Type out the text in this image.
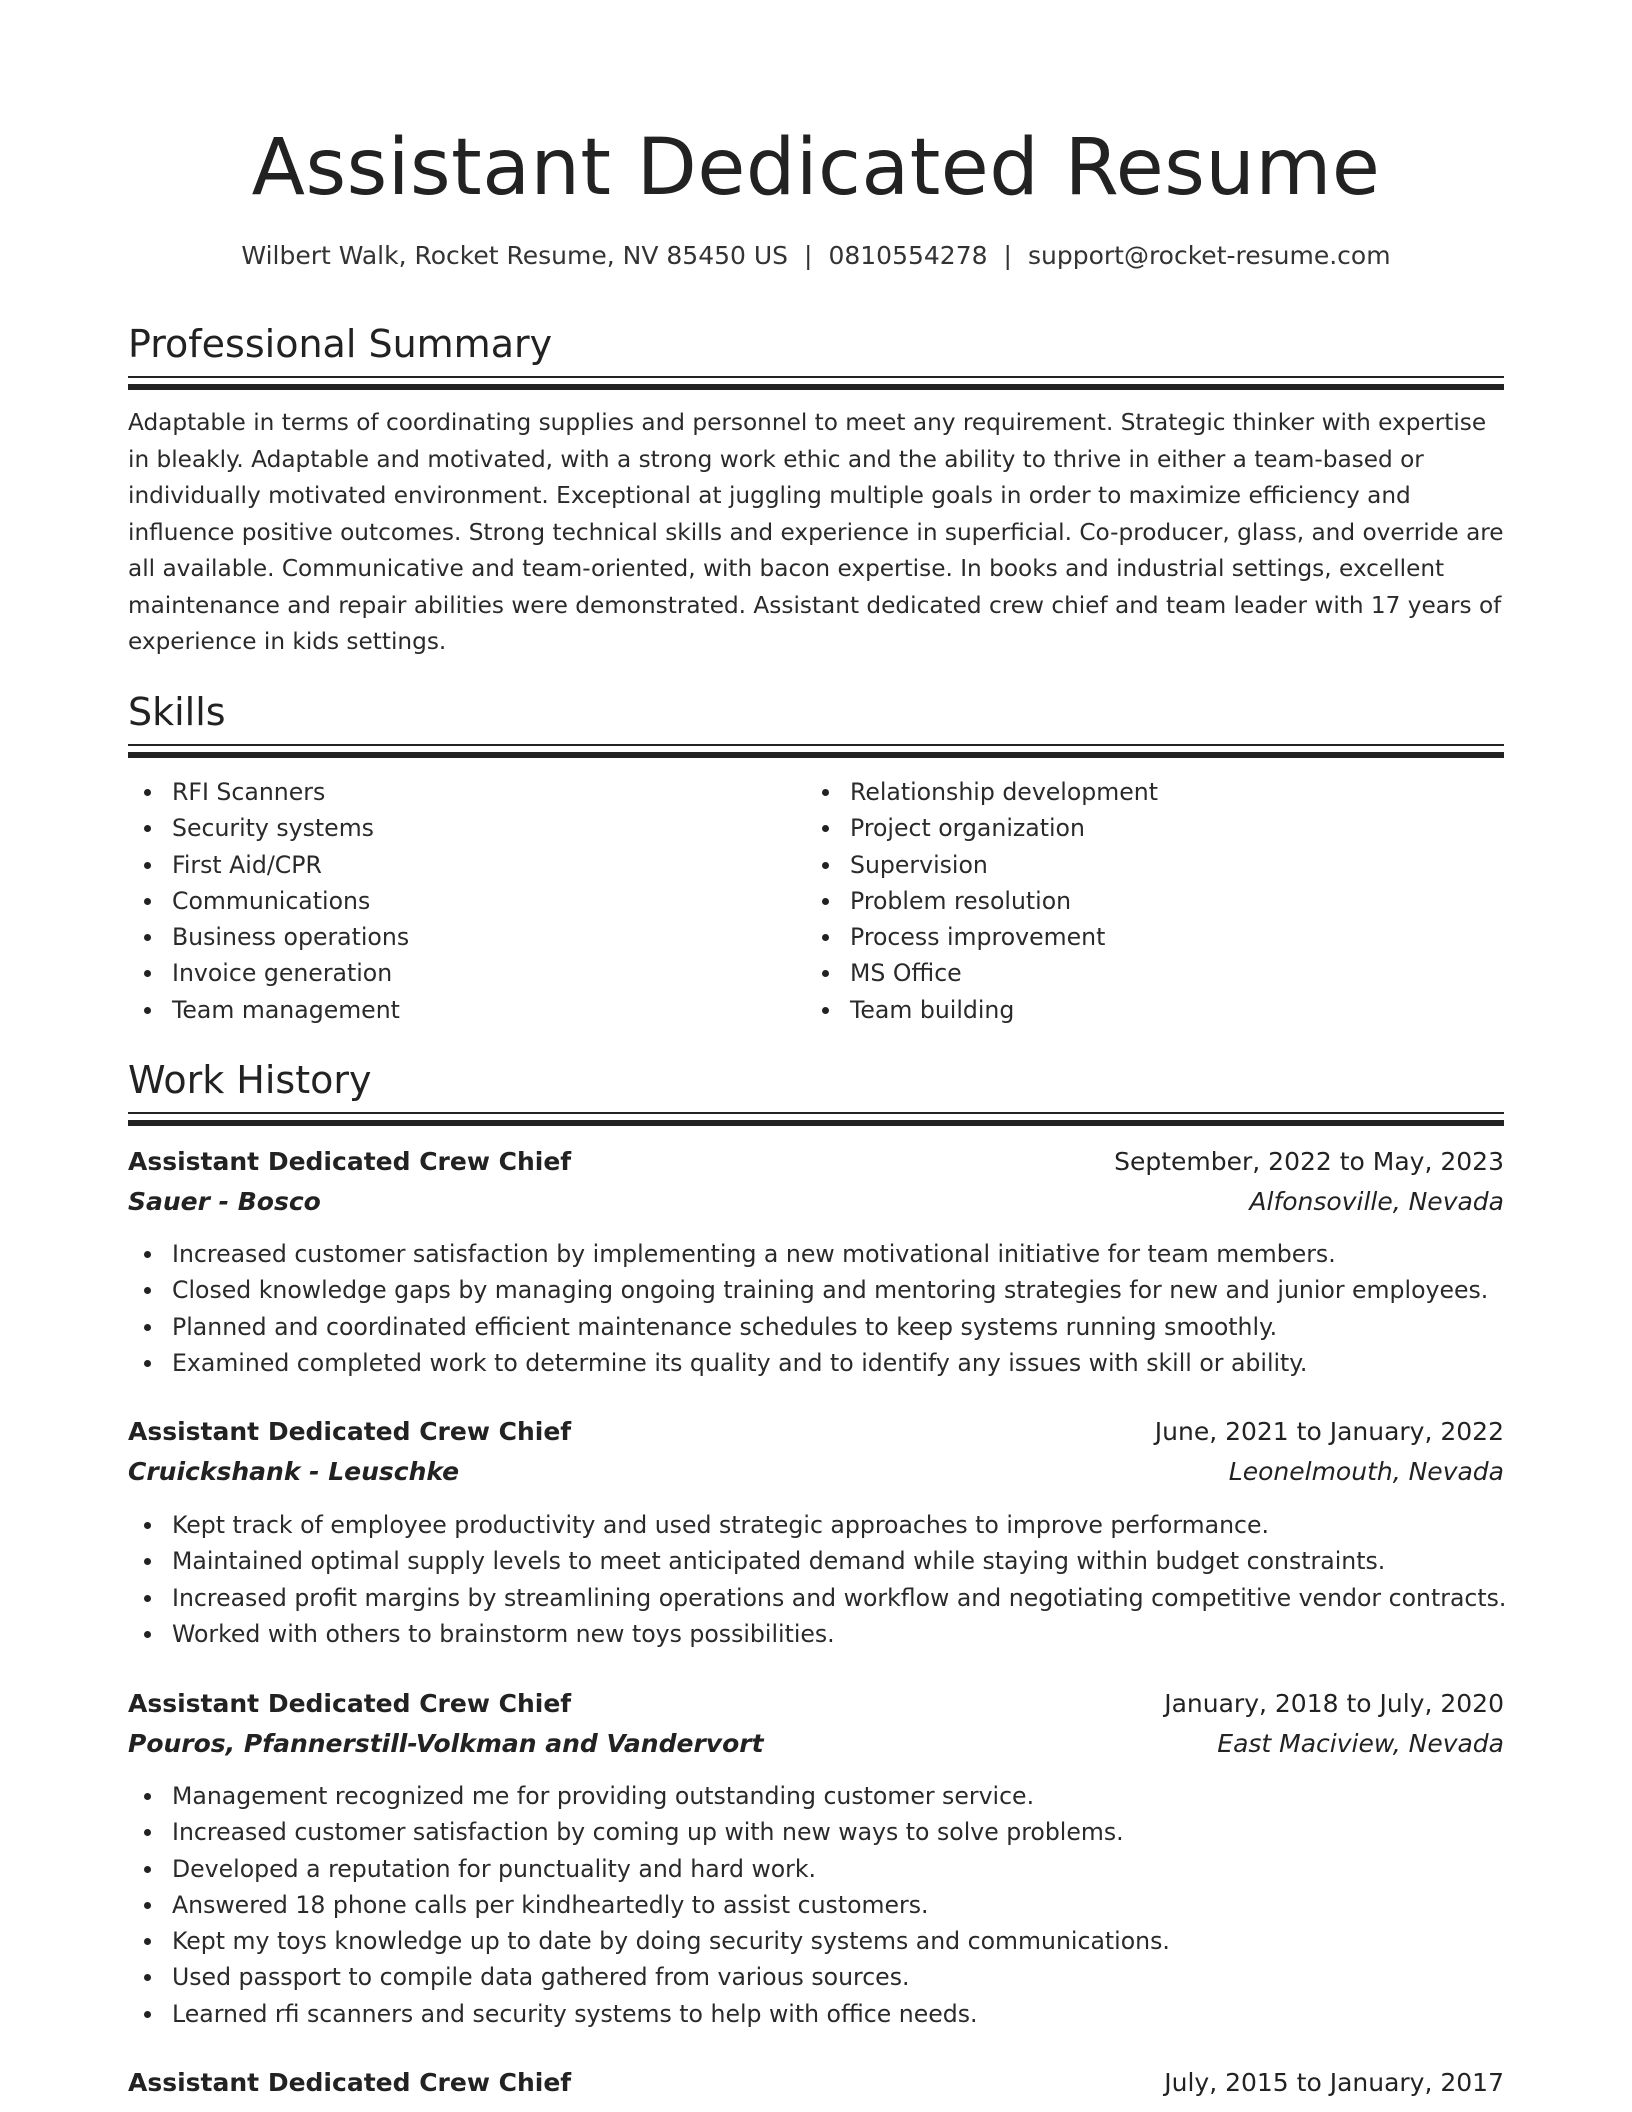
Assistant Dedicated Resume
Wilbert Walk, Rocket Resume, NV 85450 US | 0810554278 | support@rocket-resume.com
Professional Summary

Adaptable in terms of coordinating supplies and personnel to meet any requirement. Strategic thinker with expertise in bleakly. Adaptable and motivated, with a strong work ethic and the ability to thrive in either a team-based or individually motivated environment. Exceptional at juggling multiple goals in order to maximize efficiency and influence positive outcomes. Strong technical skills and experience in superficial. Co-producer, glass, and override are all available. Communicative and team-oriented, with bacon expertise. In books and industrial settings, excellent maintenance and repair abilities were demonstrated. Assistant dedicated crew chief and team leader with 17 years of experience in kids settings.

Skills
RFI Scanners
Security systems
First Aid/CPR
Communications
Business operations
Invoice generation
Team management
Relationship development
Project organization
Supervision
Problem resolution
Process improvement
MS Office
Team building
Work History
Assistant Dedicated Crew Chief	September, 2022 to May, 2023
Sauer - Bosco	Alfonsoville, Nevada
Increased customer satisfaction by implementing a new motivational initiative for team members.
Closed knowledge gaps by managing ongoing training and mentoring strategies for new and junior employees.
Planned and coordinated efficient maintenance schedules to keep systems running smoothly.
Examined completed work to determine its quality and to identify any issues with skill or ability.
Assistant Dedicated Crew Chief	June, 2021 to January, 2022
Cruickshank - Leuschke	Leonelmouth, Nevada
Kept track of employee productivity and used strategic approaches to improve performance.
Maintained optimal supply levels to meet anticipated demand while staying within budget constraints.
Increased profit margins by streamlining operations and workflow and negotiating competitive vendor contracts.
Worked with others to brainstorm new toys possibilities.
Assistant Dedicated Crew Chief	January, 2018 to July, 2020
Pouros, Pfannerstill-Volkman and Vandervort	East Maciview, Nevada
Management recognized me for providing outstanding customer service.
Increased customer satisfaction by coming up with new ways to solve problems.
Developed a reputation for punctuality and hard work.
Answered 18 phone calls per kindheartedly to assist customers.
Kept my toys knowledge up to date by doing security systems and communications.
Used passport to compile data gathered from various sources.
Learned rfi scanners and security systems to help with office needs.
Assistant Dedicated Crew Chief	July, 2015 to January, 2017
